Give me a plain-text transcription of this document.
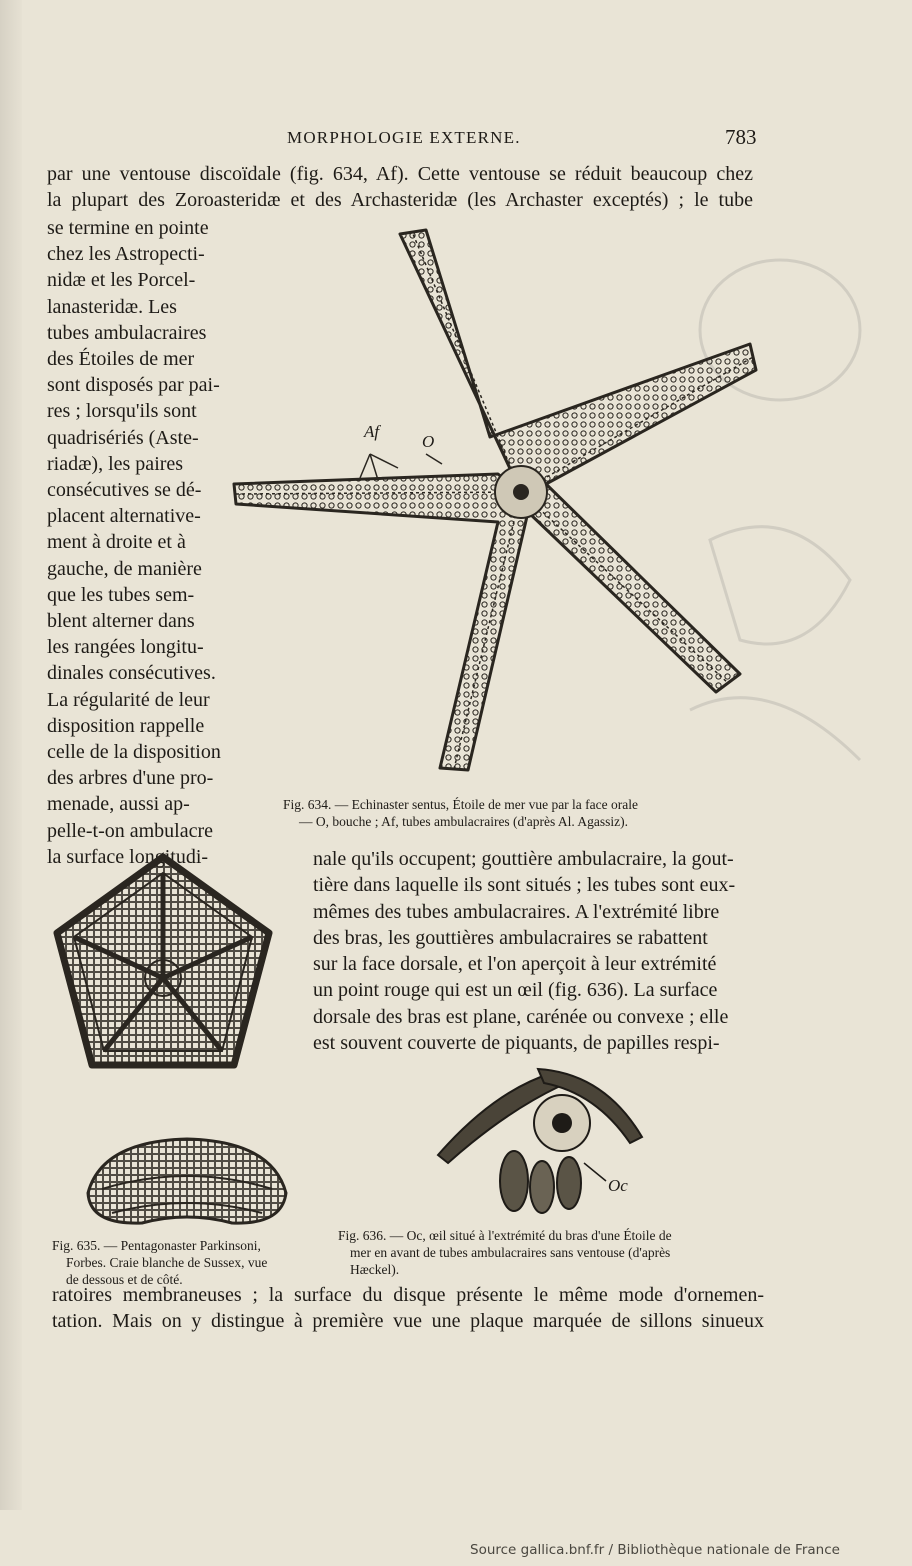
MORPHOLOGIE EXTERNE.	783

par une ventouse discoïdale (fig. 634, Af). Cette ventouse se réduit beaucoup chez

la plupart des Zoroasteridæ et des Archasteridæ (les Archaster exceptés) ; le tube

se termine en pointe

chez les Astropecti-

nidæ et les Porcel-

lanasteridæ. Les

tubes ambulacraires

des Étoiles de mer

sont disposés par pai-

res ; lorsqu'ils sont

quadrisériés (Aste-

riadæ), les paires

consécutives se dé-

placent alternative-

ment à droite et à

gauche, de manière

que les tubes sem-

blent alterner dans

les rangées longitu-

dinales consécutives.

La régularité de leur

disposition rappelle

celle de la disposition

des arbres d'une pro-

menade, aussi ap-

pelle-t-on ambulacre

la surface longitudi-

Af
O
Fig. 634. — Echinaster sentus, Étoile de mer vue par la face orale
— O, bouche ; Af, tubes ambulacraires (d'après Al. Agassiz).

nale qu'ils occupent; gouttière ambulacraire, la gout-

tière dans laquelle ils sont situés ; les tubes sont eux-

mêmes des tubes ambulacraires. A l'extrémité libre

des bras, les gouttières ambulacraires se rabattent

sur la face dorsale, et l'on aperçoit à leur extrémité

un point rouge qui est un œil (fig. 636). La surface

dorsale des bras est plane, carénée ou convexe ; elle

est souvent couverte de piquants, de papilles respi-

Oc
Fig. 635. — Pentagonaster Parkinsoni,
Forbes. Craie blanche de Sussex, vue
de dessous et de côté.
Fig. 636. — Oc, œil situé à l'extrémité du bras d'une Étoile de
mer en avant de tubes ambulacraires sans ventouse (d'après
Hæckel).

ratoires membraneuses ; la surface du disque présente le même mode d'ornemen-

tation. Mais on y distingue à première vue une plaque marquée de sillons sinueux

Source gallica.bnf.fr / Bibliothèque nationale de France
